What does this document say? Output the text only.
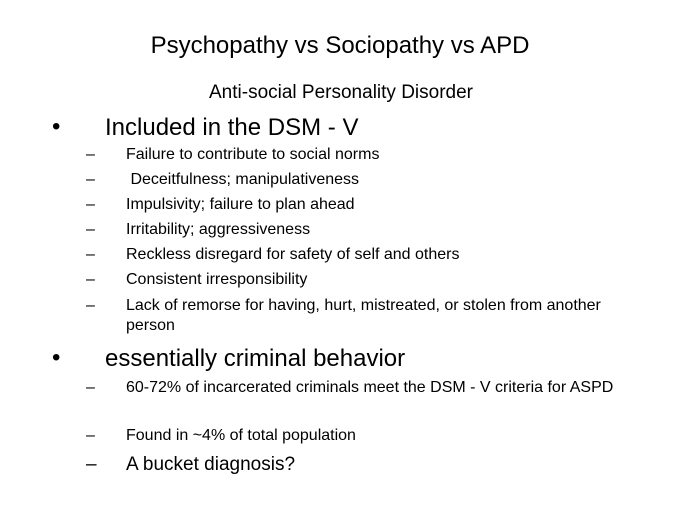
Psychopathy vs Sociopathy vs APD
Anti-social Personality Disorder
• Included in the DSM - V
– Failure to contribute to social norms
– Deceitfulness; manipulativeness
– Impulsivity; failure to plan ahead
– Irritability; aggressiveness
– Reckless disregard for safety of self and others
– Consistent irresponsibility
– Lack of remorse for having, hurt, mistreated, or stolen from another person
• essentially criminal behavior
– 60-72% of incarcerated criminals meet the DSM - V criteria for ASPD
– Found in ~4% of total population
– A bucket diagnosis?
